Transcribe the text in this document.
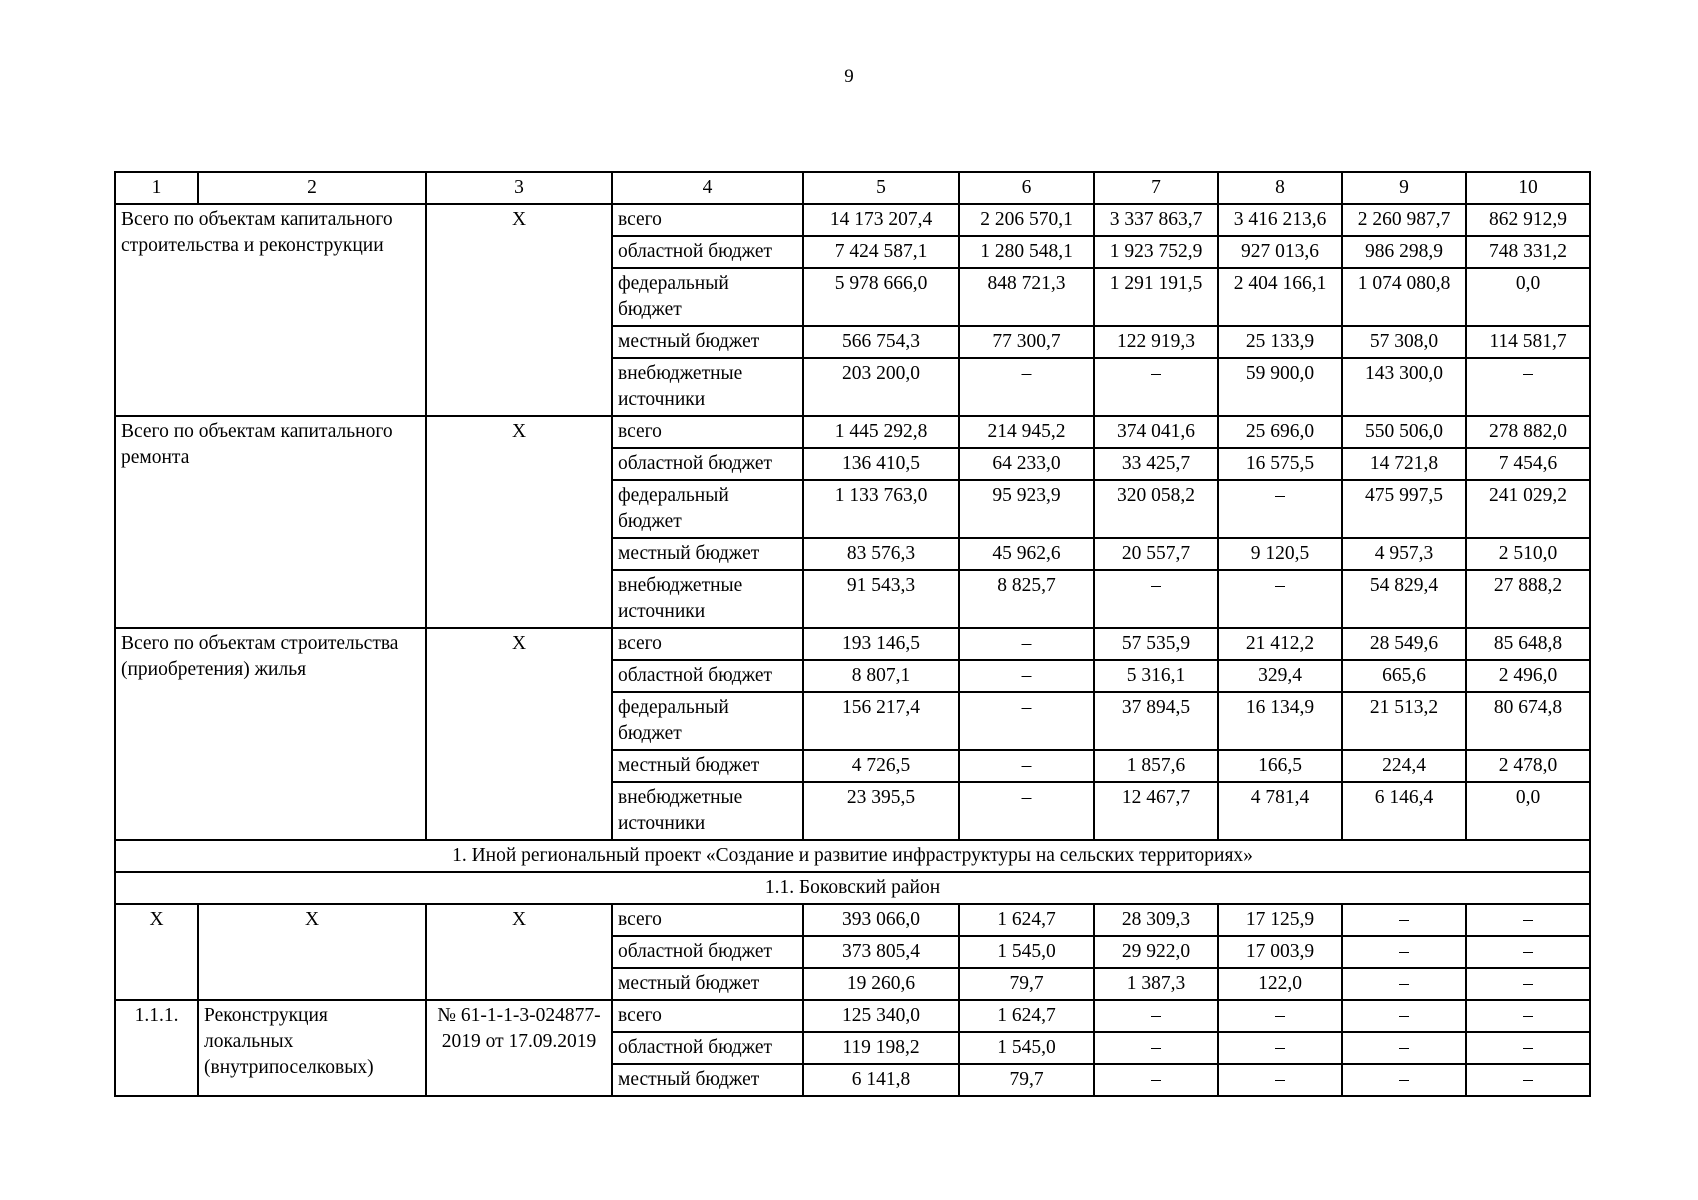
9
1	2	3	4	5	6	7	8	9	10
Всего по объектам капитального строительства и реконструкции		X	всего	14 173 207,4	2 206 570,1	3 337 863,7	3 416 213,6	2 260 987,7	862 912,9
			областной бюджет	7 424 587,1	1 280 548,1	1 923 752,9	927 013,6	986 298,9	748 331,2
			федеральный бюджет	5 978 666,0	848 721,3	1 291 191,5	2 404 166,1	1 074 080,8	0,0
			местный бюджет	566 754,3	77 300,7	122 919,3	25 133,9	57 308,0	114 581,7
			внебюджетные источники	203 200,0	–	–	59 900,0	143 300,0	–
Всего по объектам капитального ремонта		X	всего	1 445 292,8	214 945,2	374 041,6	25 696,0	550 506,0	278 882,0
			областной бюджет	136 410,5	64 233,0	33 425,7	16 575,5	14 721,8	7 454,6
			федеральный бюджет	1 133 763,0	95 923,9	320 058,2	–	475 997,5	241 029,2
			местный бюджет	83 576,3	45 962,6	20 557,7	9 120,5	4 957,3	2 510,0
			внебюджетные источники	91 543,3	8 825,7	–	–	54 829,4	27 888,2
Всего по объектам строительства (приобретения) жилья		X	всего	193 146,5	–	57 535,9	21 412,2	28 549,6	85 648,8
			областной бюджет	8 807,1	–	5 316,1	329,4	665,6	2 496,0
			федеральный бюджет	156 217,4	–	37 894,5	16 134,9	21 513,2	80 674,8
			местный бюджет	4 726,5	–	1 857,6	166,5	224,4	2 478,0
			внебюджетные источники	23 395,5	–	12 467,7	4 781,4	6 146,4	0,0
1. Иной региональный проект «Создание и развитие инфраструктуры на сельских территориях»									
1.1. Боковский район									
X	X	X	всего	393 066,0	1 624,7	28 309,3	17 125,9	–	–
			областной бюджет	373 805,4	1 545,0	29 922,0	17 003,9	–	–
			местный бюджет	19 260,6	79,7	1 387,3	122,0	–	–
1.1.1.	Реконструкция локальных (внутрипоселковых)	№ 61-1-1-3-024877-2019 от 17.09.2019	всего	125 340,0	1 624,7	–	–	–	–
			областной бюджет	119 198,2	1 545,0	–	–	–	–
			местный бюджет	6 141,8	79,7	–	–	–	–
